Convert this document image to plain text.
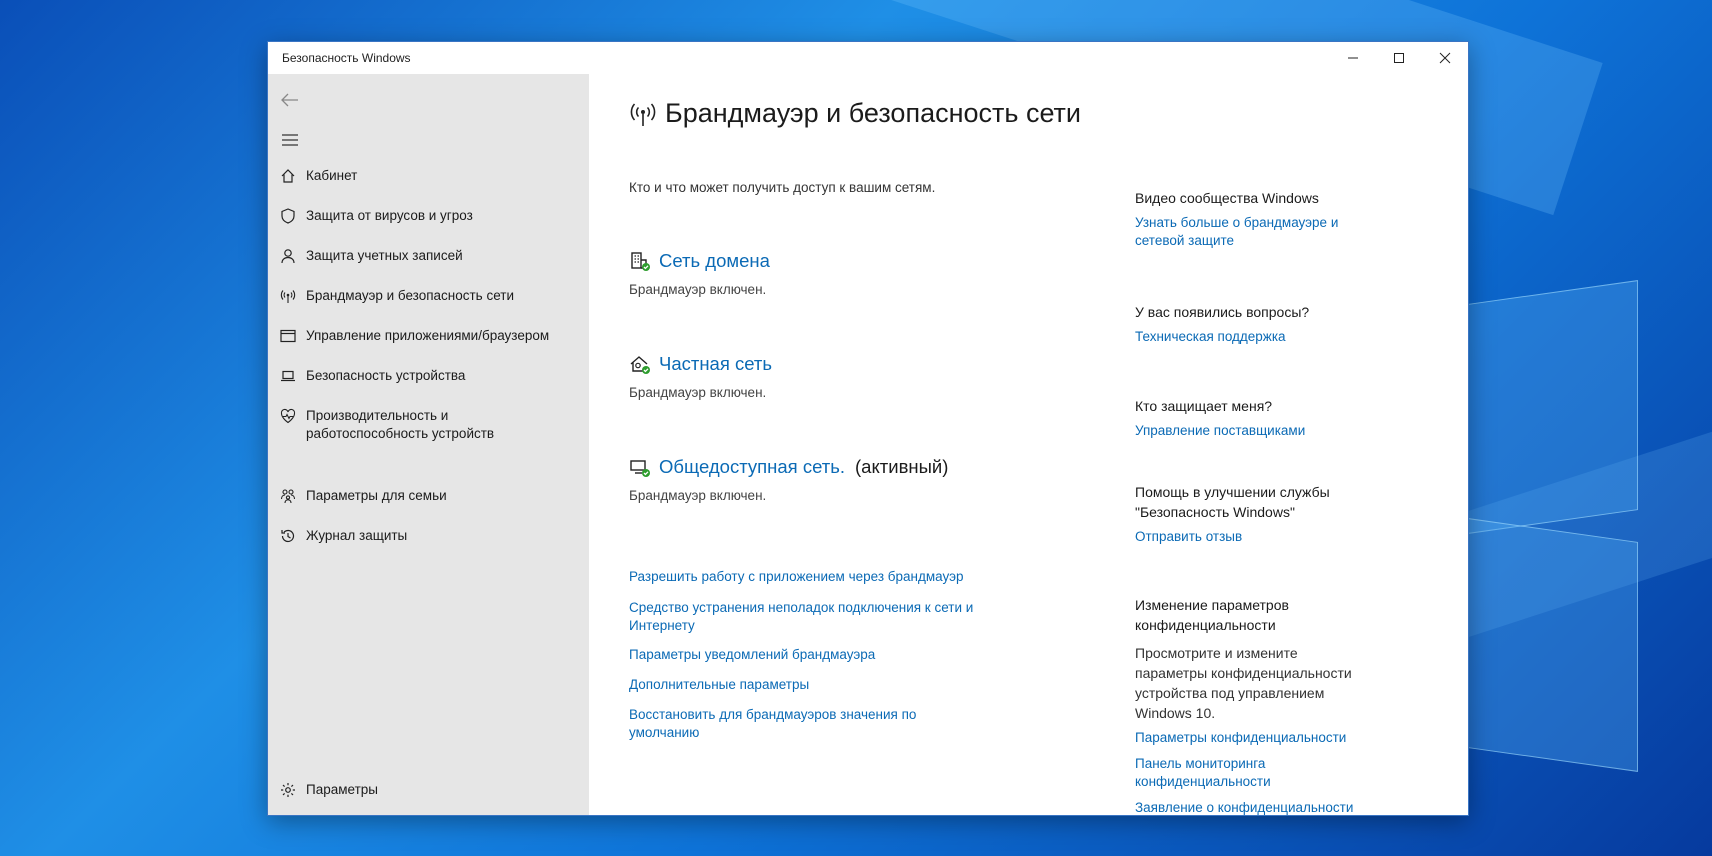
Безопасность Windows
Кабинет
Защита от вирусов и угроз
Защита учетных записей
Брандмауэр и безопасность сети
Управление приложениями/браузером
Безопасность устройства
Производительность и работоспособность устройств
Параметры для семьи
Журнал защиты
Параметры
Брандмауэр и безопасность сети
Кто и что может получить доступ к вашим сетям.
Сеть домена
Брандмауэр включен.
Частная сеть
Брандмауэр включен.
Общедоступная сеть. (активный)
Брандмауэр включен.
Разрешить работу с приложением через брандмауэр
Средство устранения неполадок подключения к сети и Интернету
Параметры уведомлений брандмауэра
Дополнительные параметры
Восстановить для брандмауэров значения по умолчанию
Видео сообщества Windows
Узнать больше о брандмауэре и сетевой защите
У вас появились вопросы?
Техническая поддержка
Кто защищает меня?
Управление поставщиками
Помощь в улучшении службы "Безопасность Windows"
Отправить отзыв
Изменение параметров конфиденциальности
Просмотрите и измените параметры конфиденциальности устройства под управлением Windows 10.
Параметры конфиденциальности
Панель мониторинга конфиденциальности
Заявление о конфиденциальности
